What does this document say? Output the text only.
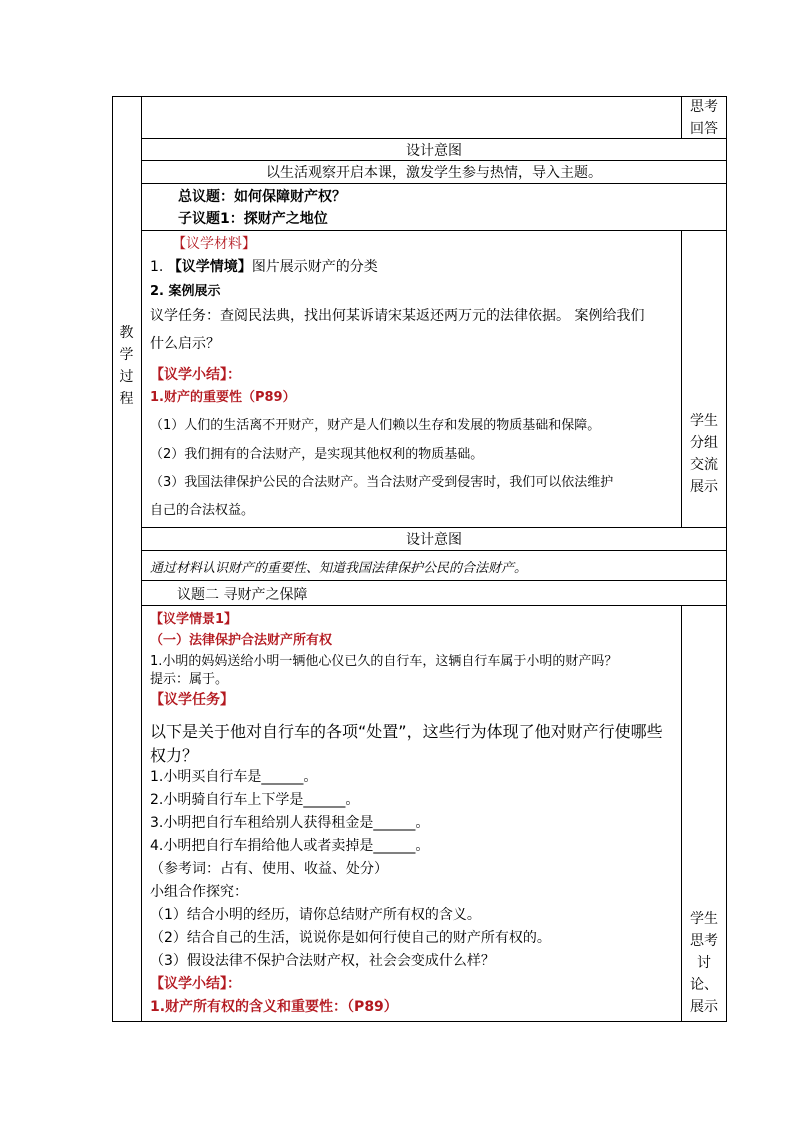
教
学
过
程
思考
回答
学生
分组
交流
展示
学生
思考
讨
论、
展示
设计意图
以生活观察开启本课，激发学生参与热情，导入主题。
总议题：如何保障财产权？
子议题1：探财产之地位
【议学材料】
1. 【议学情境】图片展示财产的分类
2. 案例展示
议学任务：查阅民法典，找出何某诉请宋某返还两万元的法律依据。 案例给我们
什么启示？
【议学小结】：
1.财产的重要性（P89）
（1）人们的生活离不开财产，财产是人们赖以生存和发展的物质基础和保障。
（2）我们拥有的合法财产，是实现其他权利的物质基础。
（3）我国法律保护公民的合法财产。当合法财产受到侵害时，我们可以依法维护
自己的合法权益。
设计意图
通过材料认识财产的重要性、知道我国法律保护公民的合法财产。
议题二 寻财产之保障
【议学情景1】
（一）法律保护合法财产所有权
1.小明的妈妈送给小明一辆他心仪已久的自行车，这辆自行车属于小明的财产吗？
提示：属于。
【议学任务】
以下是关于他对自行车的各项“处置”，这些行为体现了他对财产行使哪些
权力？
1.小明买自行车是______。
2.小明骑自行车上下学是______。
3.小明把自行车租给别人获得租金是______。
4.小明把自行车捐给他人或者卖掉是______。
（参考词：占有、使用、收益、处分）
小组合作探究：
（1）结合小明的经历，请你总结财产所有权的含义。
（2）结合自己的生活，说说你是如何行使自己的财产所有权的。
（3）假设法律不保护合法财产权，社会会变成什么样？
【议学小结】：
1.财产所有权的含义和重要性：（P89）
